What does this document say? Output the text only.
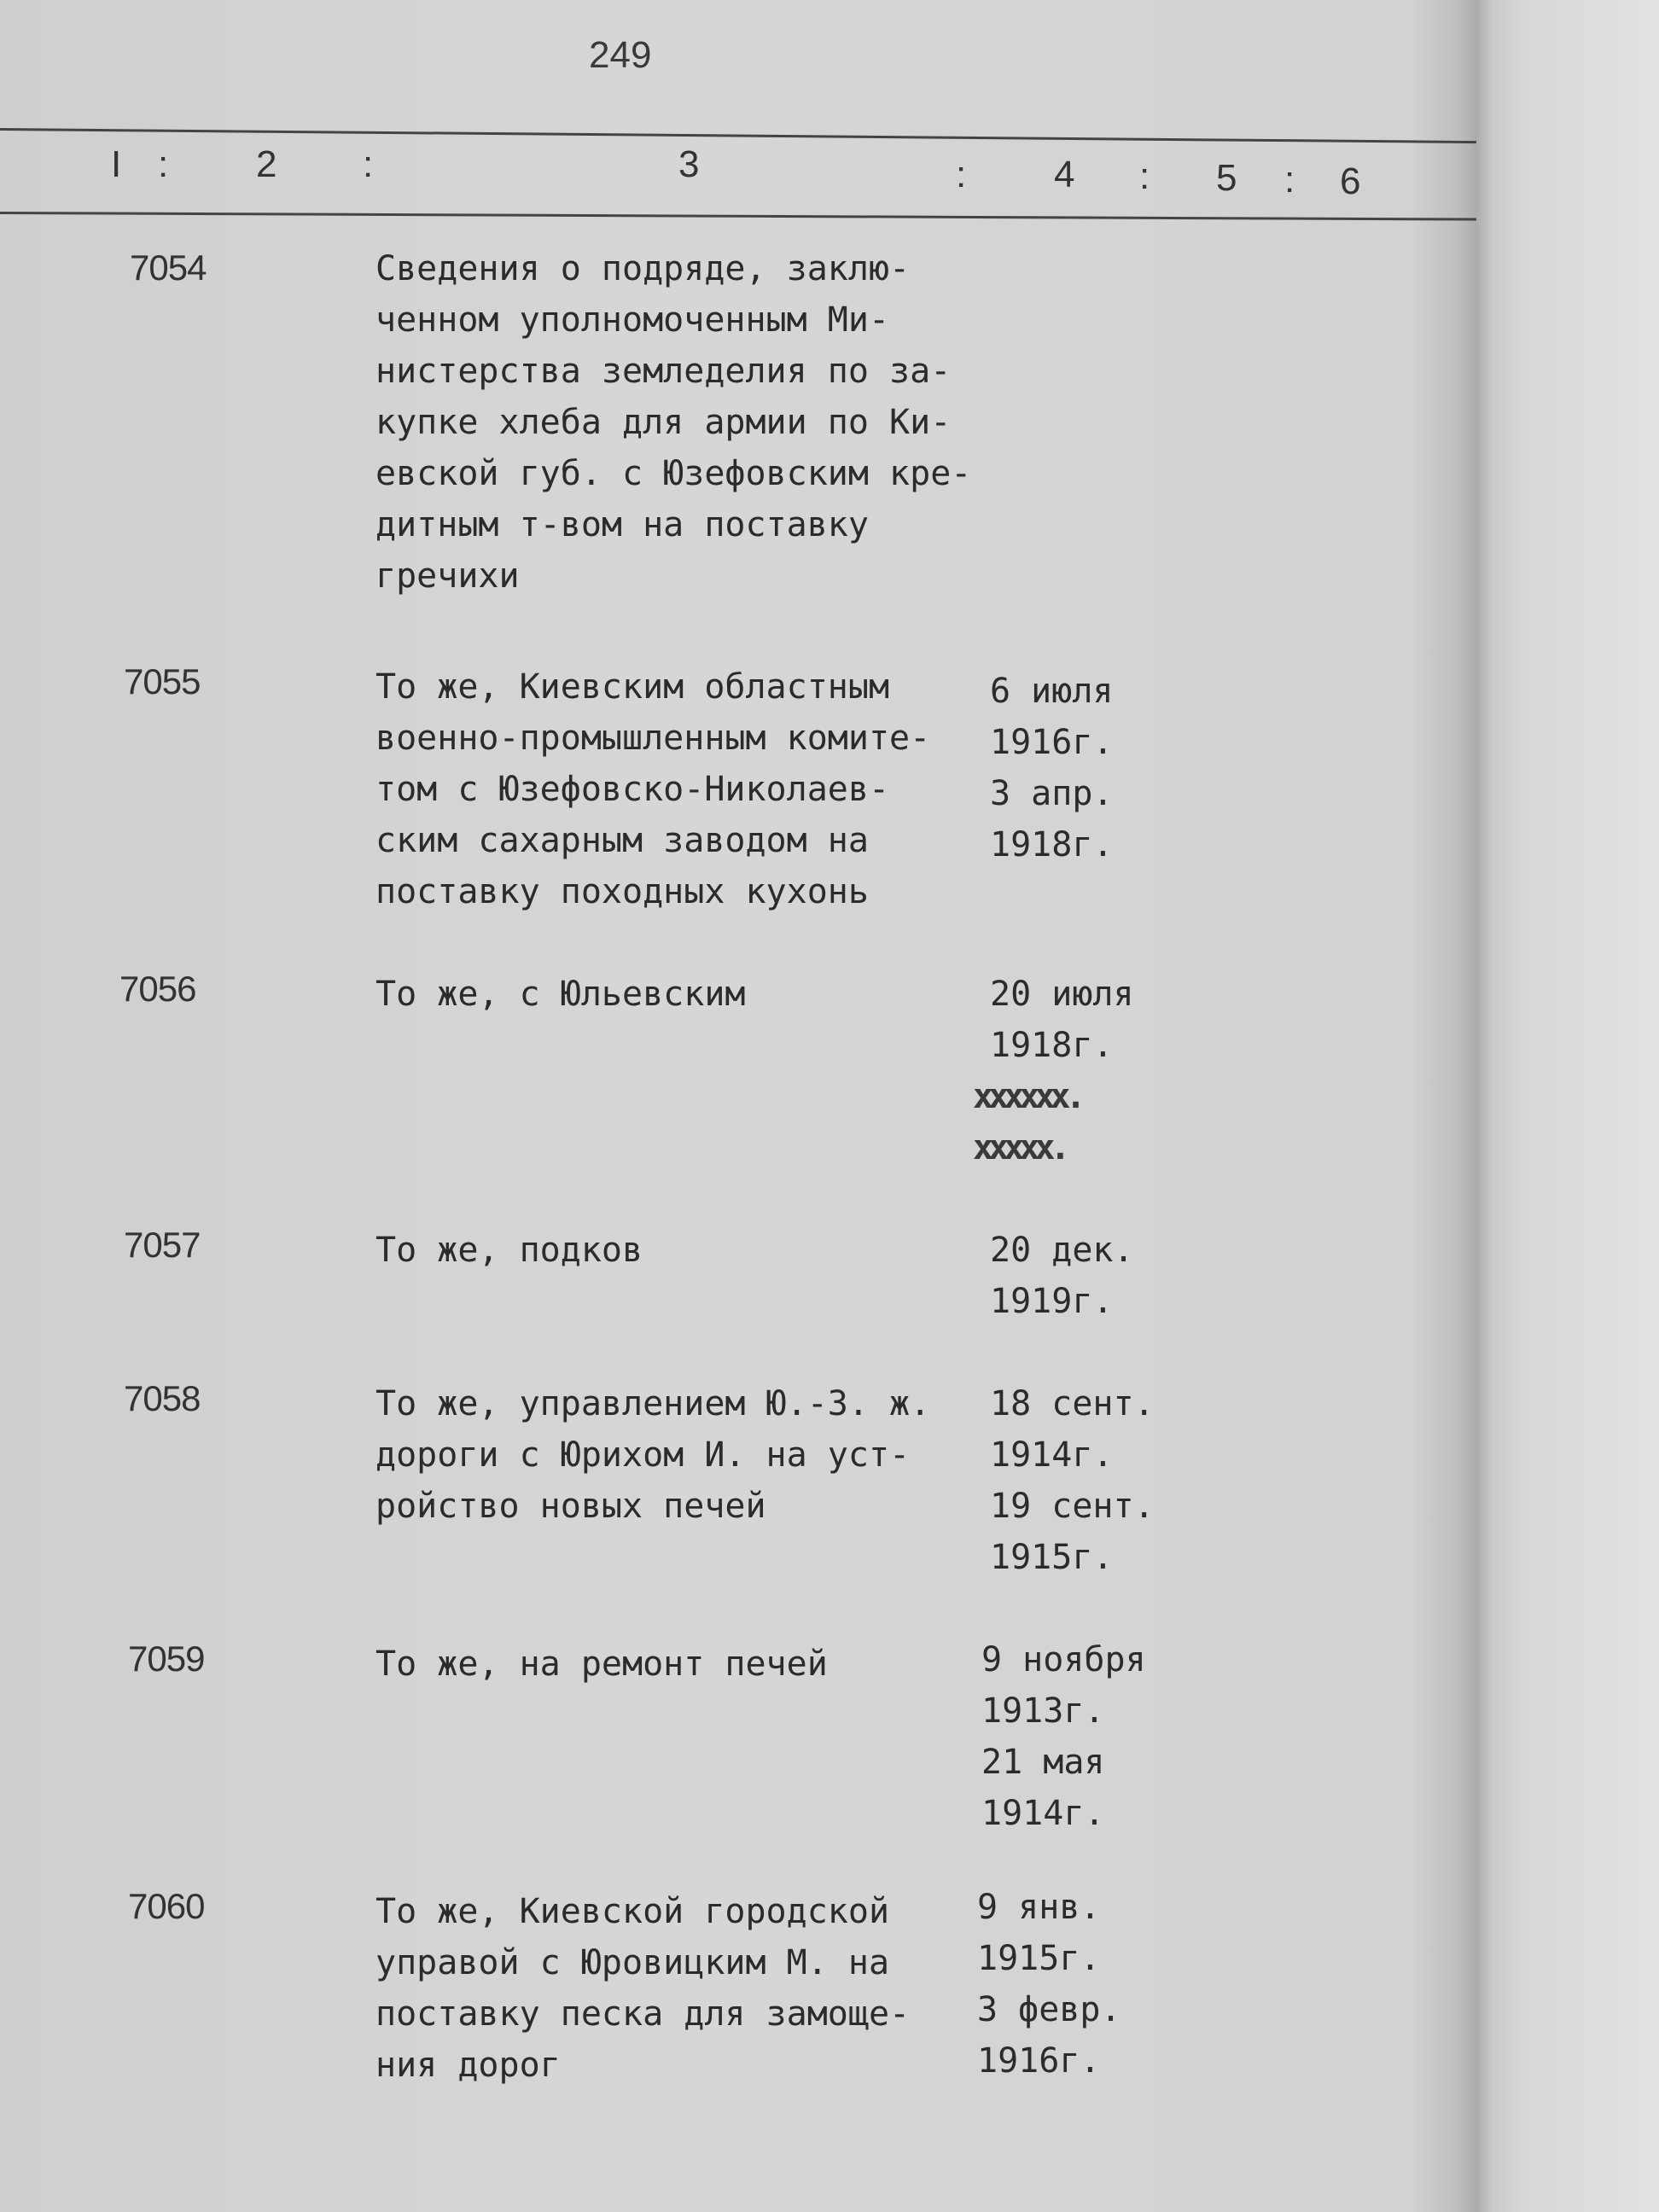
249
I : 2 :	3	: 4 : 5 : 6
7054	Сведения о подряде, заклю-
ченном уполномоченным Ми-
нистерства земледелия по за-
купке хлеба для армии по Ки-
евской губ. с Юзефовским кре-
дитным т-вом на поставку
гречихи
7055	То же, Киевским областным
военно-промышленным комите-
том с Юзефовско-Николаев-
ским сахарным заводом на
поставку походных кухонь
6 июля
1916г.
3 апр.
1918г.
7056	То же, с Юльевским	20 июля
1918г.
xxxxxx.
xxxxx.
7057	То же, подков	20 дек.
1919г.
7058	То же, управлением Ю.-З. ж.
дороги с Юрихом И. на уст-
ройство новых печей
18 сент.
1914г.
19 сент.
1915г.
7059	То же, на ремонт печей	9 ноября
1913г.
21 мая
1914г.
7060	То же, Киевской городской
управой с Юровицким М. на
поставку песка для замоще-
ния дорог
9 янв.
1915г.
3 февр.
1916г.
